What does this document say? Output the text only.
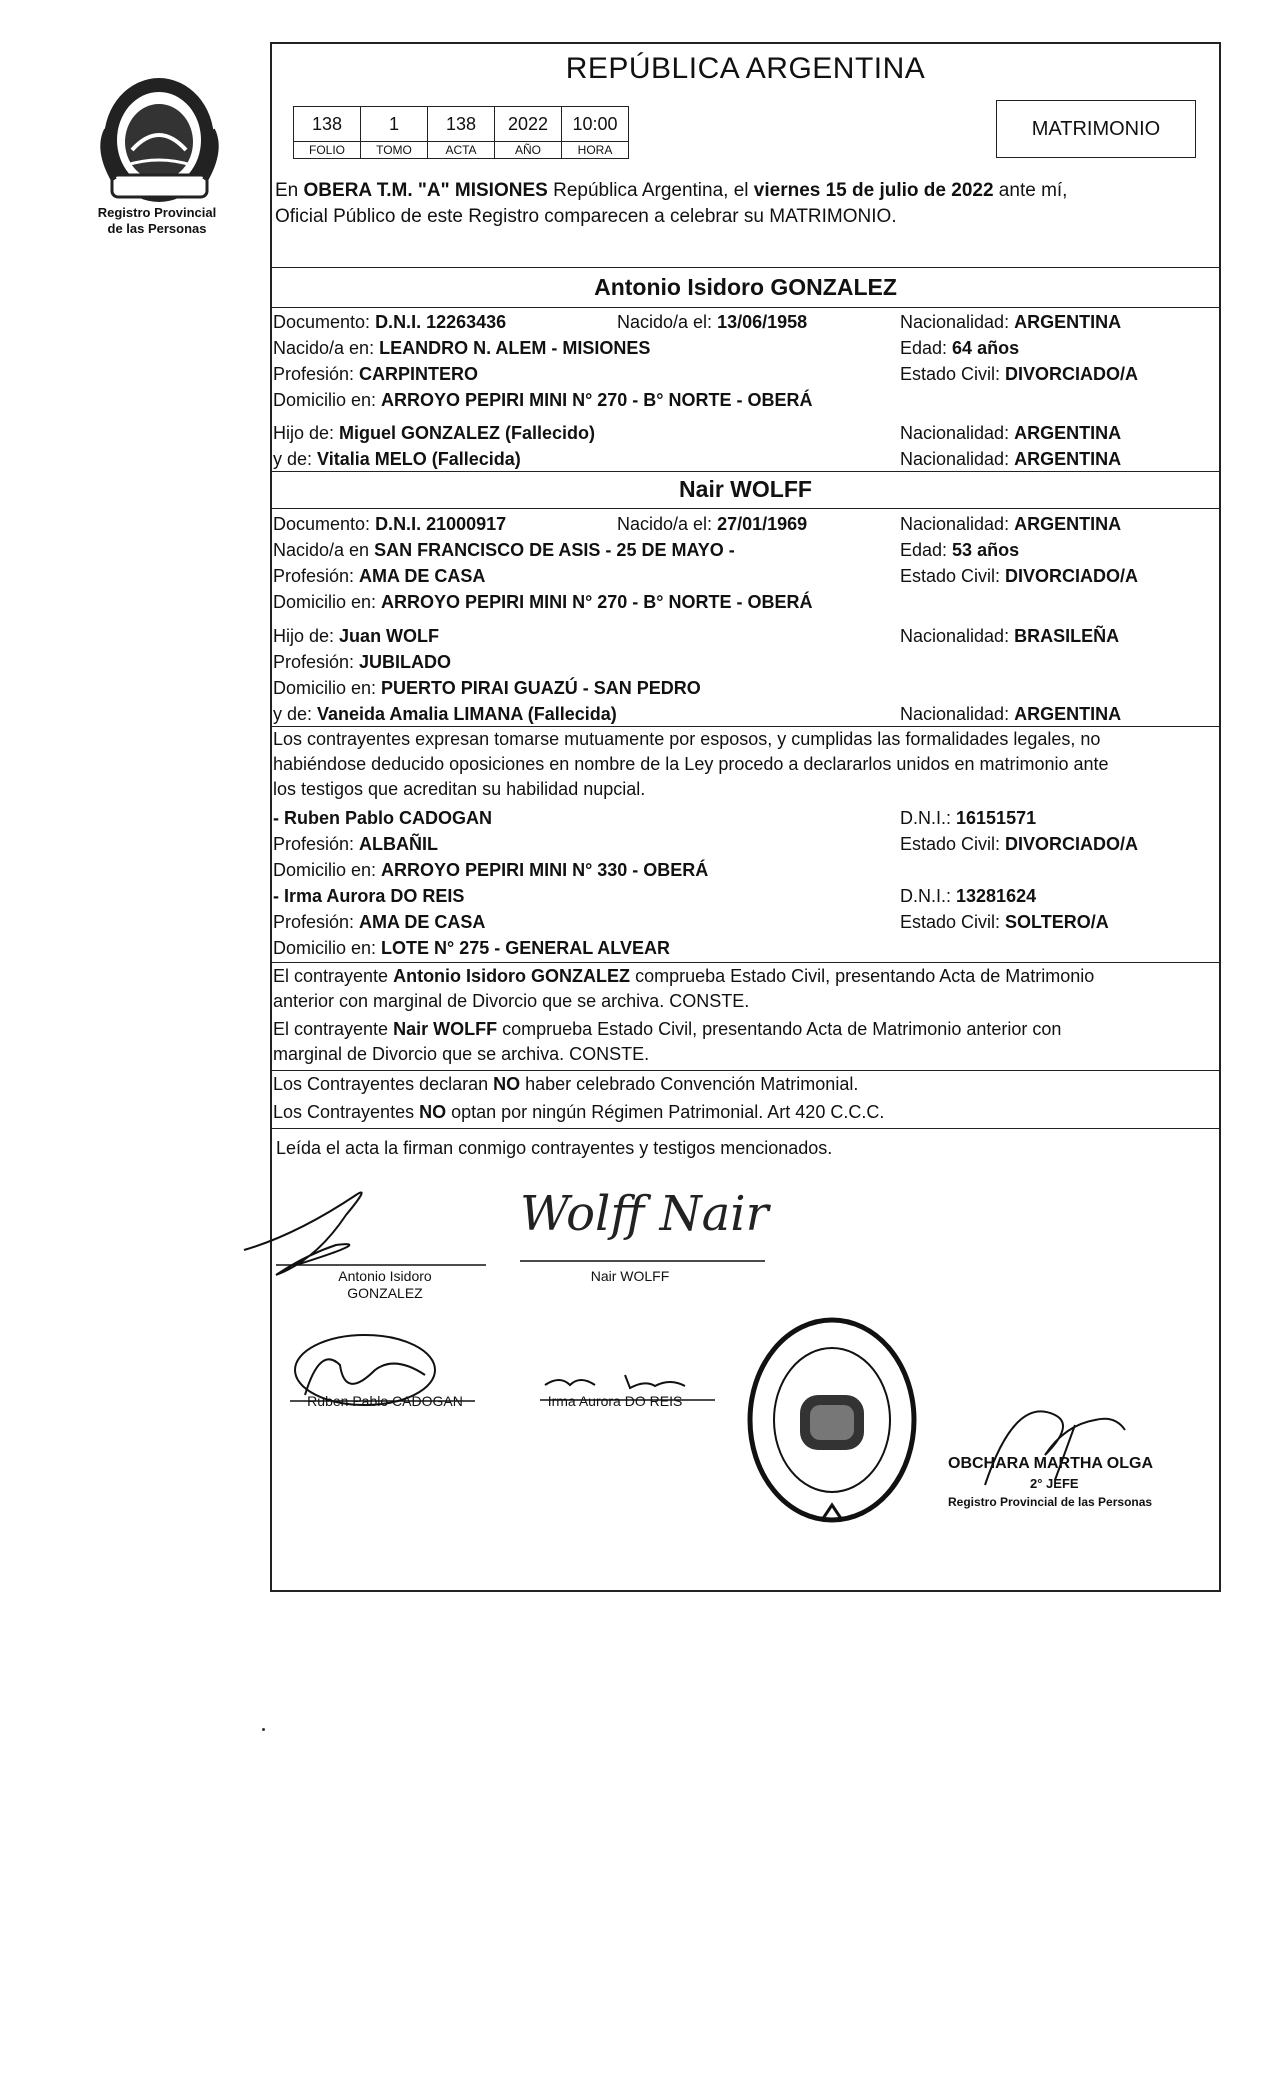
Registro Provincial
de las Personas
REPÚBLICA ARGENTINA
138	1	138	2022	10:00
FOLIO	TOMO	ACTA	AÑO	HORA
MATRIMONIO
En OBERA T.M. "A" MISIONES República Argentina, el viernes 15 de julio de 2022 ante mí,
Oficial Público de este Registro comparecen a celebrar su MATRIMONIO.
Antonio Isidoro GONZALEZ
Documento: D.N.I. 12263436	Nacido/a el: 13/06/1958	Nacionalidad: ARGENTINA
Nacido/a en: LEANDRO N. ALEM - MISIONES	Edad: 64 años
Profesión: CARPINTERO	Estado Civil: DIVORCIADO/A
Domicilio en: ARROYO PEPIRI MINI N° 270 - B° NORTE - OBERÁ
Hijo de: Miguel GONZALEZ (Fallecido)	Nacionalidad: ARGENTINA
y de: Vitalia MELO (Fallecida)	Nacionalidad: ARGENTINA
Nair WOLFF
Documento: D.N.I. 21000917	Nacido/a el: 27/01/1969	Nacionalidad: ARGENTINA
Nacido/a en SAN FRANCISCO DE ASIS - 25 DE MAYO -	Edad: 53 años
Profesión: AMA DE CASA	Estado Civil: DIVORCIADO/A
Domicilio en: ARROYO PEPIRI MINI N° 270 - B° NORTE - OBERÁ
Hijo de: Juan WOLF	Nacionalidad: BRASILEÑA
Profesión: JUBILADO
Domicilio en: PUERTO PIRAI GUAZÚ - SAN PEDRO
y de: Vaneida Amalia LIMANA (Fallecida)	Nacionalidad: ARGENTINA
Los contrayentes expresan tomarse mutuamente por esposos, y cumplidas las formalidades legales, no
habiéndose deducido oposiciones en nombre de la Ley procedo a declararlos unidos en matrimonio ante
los testigos que acreditan su habilidad nupcial.
- Ruben Pablo CADOGAN	D.N.I.: 16151571
Profesión: ALBAÑIL	Estado Civil: DIVORCIADO/A
Domicilio en: ARROYO PEPIRI MINI N° 330 - OBERÁ
- Irma Aurora DO REIS	D.N.I.: 13281624
Profesión: AMA DE CASA	Estado Civil: SOLTERO/A
Domicilio en: LOTE N° 275 - GENERAL ALVEAR
El contrayente Antonio Isidoro GONZALEZ comprueba Estado Civil, presentando Acta de Matrimonio
anterior con marginal de Divorcio que se archiva. CONSTE.
El contrayente Nair WOLFF comprueba Estado Civil, presentando Acta de Matrimonio anterior con
marginal de Divorcio que se archiva. CONSTE.
Los Contrayentes declaran NO haber celebrado Convención Matrimonial.
Los Contrayentes NO optan por ningún Régimen Patrimonial. Art 420 C.C.C.
Leída el acta la firman conmigo contrayentes y testigos mencionados.
Antonio Isidoro
GONZALEZ
Wolff Nair
Nair WOLFF
Ruben Pablo CADOGAN	Irma Aurora DO REIS
OBCHARA MARTHA OLGA
2° JEFE
Registro Provincial de las Personas
